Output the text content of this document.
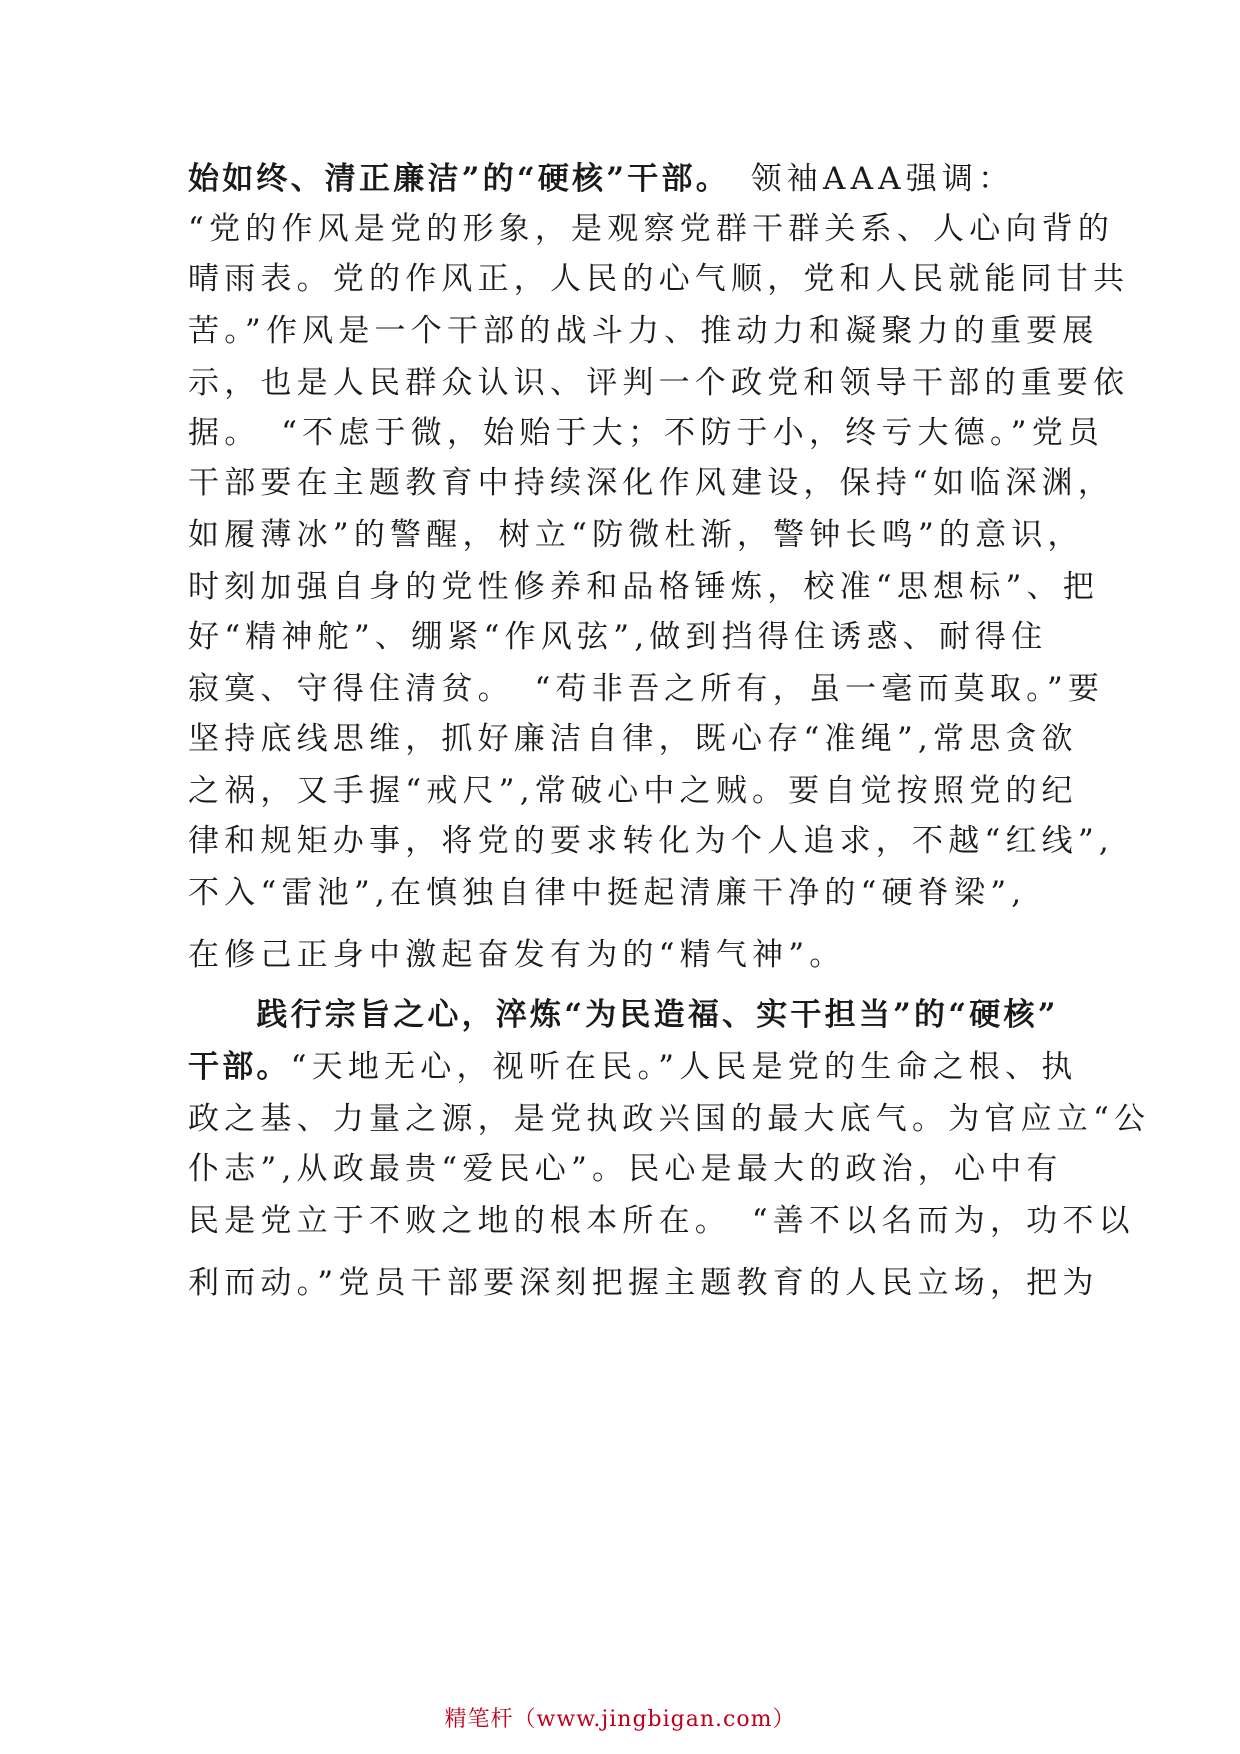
始如终、清正廉洁”的“硬核”干部。　领袖AAA强调：
“党的作风是党的形象，是观察党群干群关系、人心向背的
晴雨表。党的作风正，人民的心气顺，党和人民就能同甘共
苦。”作风是一个干部的战斗力、推动力和凝聚力的重要展
示，也是人民群众认识、评判一个政党和领导干部的重要依
据。　“不虑于微，始贻于大；不防于小，终亏大德。”党员
干部要在主题教育中持续深化作风建设，保持“如临深渊，
如履薄冰”的警醒，树立“防微杜渐，警钟长鸣”的意识，
时刻加强自身的党性修养和品格锤炼，校准“思想标”、把
好“精神舵”、绷紧“作风弦”,做到挡得住诱惑、耐得住
寂寞、守得住清贫。　“苟非吾之所有，虽一毫而莫取。”要
坚持底线思维，抓好廉洁自律，既心存“准绳”,常思贪欲
之祸，又手握“戒尺”,常破心中之贼。要自觉按照党的纪
律和规矩办事，将党的要求转化为个人追求，不越“红线”,
不入“雷池”,在慎独自律中挺起清廉干净的“硬脊梁”,
在修己正身中激起奋发有为的“精气神”。
　　践行宗旨之心，淬炼“为民造福、实干担当”的“硬核”
干部。“天地无心，视听在民。”人民是党的生命之根、执
政之基、力量之源，是党执政兴国的最大底气。为官应立“公
仆志”,从政最贵“爱民心”。民心是最大的政治，心中有
民是党立于不败之地的根本所在。　“善不以名而为，功不以
利而动。”党员干部要深刻把握主题教育的人民立场，把为
精笔杆（www.jingbigan.com）
